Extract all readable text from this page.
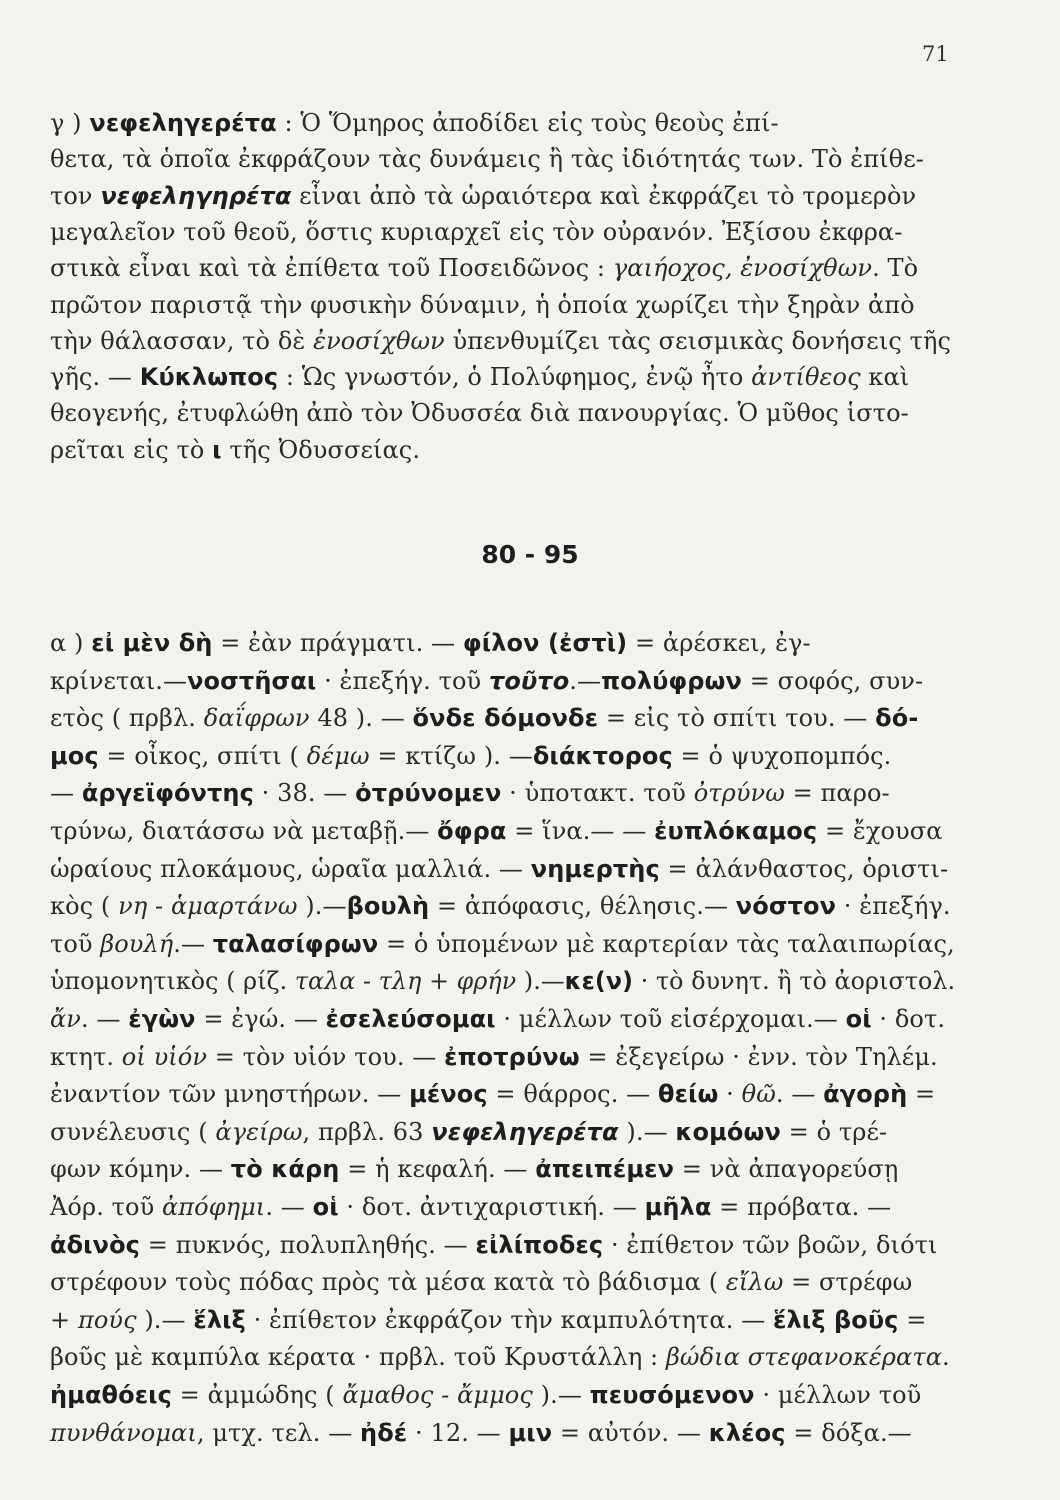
71
γ ) νεφεληγερέτα : Ὁ Ὅμηρος ἀποδίδει εἰς τοὺς θεοὺς ἐπί-
θετα, τὰ ὁποῖα ἐκφράζουν τὰς δυνάμεις ἢ τὰς ἰδιότητάς των. Τὸ ἐπίθε-
τον νεφεληγηρέτα εἶναι ἀπὸ τὰ ὡραιότερα καὶ ἐκφράζει τὸ τρομερὸν
μεγαλεῖον τοῦ θεοῦ, ὅστις κυριαρχεῖ εἰς τὸν οὐρανόν. Ἐξίσου ἐκφρα-
στικὰ εἶναι καὶ τὰ ἐπίθετα τοῦ Ποσειδῶνος : γαιήοχος, ἐνοσίχθων. Τὸ
πρῶτον παριστᾷ τὴν φυσικὴν δύναμιν, ἡ ὁποία χωρίζει τὴν ξηρὰν ἀπὸ
τὴν θάλασσαν, τὸ δὲ ἐνοσίχθων ὑπενθυμίζει τὰς σεισμικὰς δονήσεις τῆς
γῆς. — Κύκλωπος : Ὡς γνωστόν, ὁ Πολύφημος, ἐνῷ ἦτο ἀντίθεος καὶ
θεογενής, ἐτυφλώθη ἀπὸ τὸν Ὀδυσσέα διὰ πανουργίας. Ὁ μῦθος ἱστο-
ρεῖται εἰς τὸ ι τῆς Ὀδυσσείας.
80 - 95
α ) εἰ μὲν δὴ = ἐὰν πράγματι. — φίλον (ἐστὶ) = ἀρέσκει, ἐγ-
κρίνεται.—νοστῆσαι · ἐπεξήγ. τοῦ τοῦτο.—πολύφρων = σοφός, συν-
ετὸς ( πρβλ. δαΐφρων 48 ). — ὅνδε δόμονδε = εἰς τὸ σπίτι του. — δό-
μος = οἶκος, σπίτι ( δέμω = κτίζω ). —διάκτορος = ὁ ψυχοπομπός.
— ἀργεϊφόντης · 38. — ὀτρύνομεν · ὑποτακτ. τοῦ ὀτρύνω = παρο-
τρύνω, διατάσσω νὰ μεταβῇ.— ὄφρα = ἵνα.— — ἐυπλόκαμος = ἔχουσα
ὡραίους πλοκάμους, ὡραῖα μαλλιά. — νημερτὴς = ἀλάνθαστος, ὁριστι-
κὸς ( νη - ἁμαρτάνω ).—βουλὴ = ἀπόφασις, θέλησις.— νόστον · ἐπεξήγ.
τοῦ βουλή.— ταλασίφρων = ὁ ὑπομένων μὲ καρτερίαν τὰς ταλαιπωρίας,
ὑπομονητικὸς ( ρίζ. ταλα - τλη + φρήν ).—κε(ν) · τὸ δυνητ. ἢ τὸ ἀοριστολ.
ἄν. — ἐγὼν = ἐγώ. — ἐσελεύσομαι · μέλλων τοῦ εἰσέρχομαι.— οἱ · δοτ.
κτητ. οἱ υἱόν = τὸν υἱόν του. — ἐποτρύνω = ἐξεγείρω · ἐνν. τὸν Τηλέμ.
ἐναντίον τῶν μνηστήρων. — μένος = θάρρος. — θείω · θῶ. — ἀγορὴ =
συνέλευσις ( ἀγείρω, πρβλ. 63 νεφεληγερέτα ).— κομόων = ὁ τρέ-
φων κόμην. — τὸ κάρη = ἡ κεφαλή. — ἀπειπέμεν = νὰ ἀπαγορεύσῃ
Ἀόρ. τοῦ ἀπόφημι. — οἱ · δοτ. ἀντιχαριστική. — μῆλα = πρόβατα. —
ἀδινὸς = πυκνός, πολυπληθής. — εἰλίποδες · ἐπίθετον τῶν βοῶν, διότι
στρέφουν τοὺς πόδας πρὸς τὰ μέσα κατὰ τὸ βάδισμα ( εἴλω = στρέφω
+ πούς ).— ἕλιξ · ἐπίθετον ἐκφράζον τὴν καμπυλότητα. — ἕλιξ βοῦς =
βοῦς μὲ καμπύλα κέρατα · πρβλ. τοῦ Κρυστάλλη : βώδια στεφανοκέρατα.
ἠμαθόεις = ἀμμώδης ( ἄμαθος - ἄμμος ).— πευσόμενον · μέλλων τοῦ
πυνθάνομαι, μτχ. τελ. — ἠδέ · 12. — μιν = αὐτόν. — κλέος = δόξα.—
